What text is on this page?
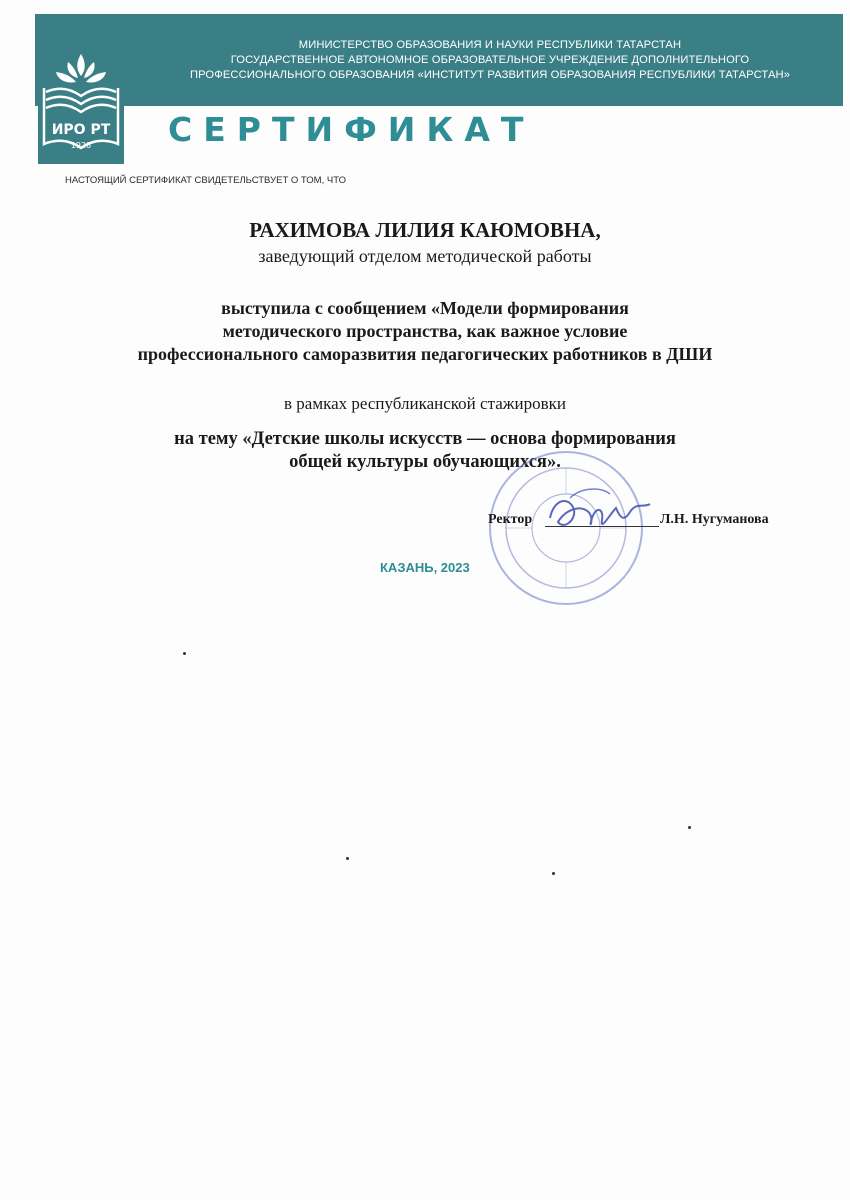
МИНИСТЕРСТВО ОБРАЗОВАНИЯ И НАУКИ РЕСПУБЛИКИ ТАТАРСТАН
ГОСУДАРСТВЕННОЕ АВТОНОМНОЕ ОБРАЗОВАТЕЛЬНОЕ УЧРЕЖДЕНИЕ ДОПОЛНИТЕЛЬНОГО
ПРОФЕССИОНАЛЬНОГО ОБРАЗОВАНИЯ «ИНСТИТУТ РАЗВИТИЯ ОБРАЗОВАНИЯ РЕСПУБЛИКИ ТАТАРСТАН»
ИРО РТ
1928 СЕРТИФИКАТ
НАСТОЯЩИЙ СЕРТИФИКАТ СВИДЕТЕЛЬСТВУЕТ О ТОМ, ЧТО
РАХИМОВА ЛИЛИЯ КАЮМОВНА,
заведующий отделом методической работы
выступила с сообщением «Модели формирования
методического пространства, как важное условие
профессионального саморазвития педагогических работников в ДШИ
в рамках республиканской стажировки
на тему «Детские школы искусств — основа формирования
общей культуры обучающихся».
Ректор	Л.Н. Нугуманова
КАЗАНЬ, 2023
